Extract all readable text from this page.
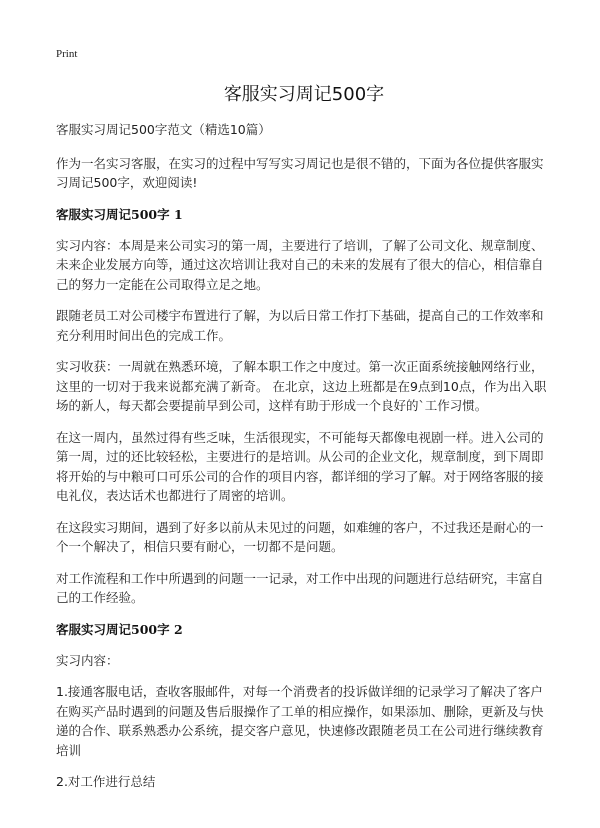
Print
客服实习周记500字

客服实习周记500字范文（精选10篇）

作为一名实习客服，在实习的过程中写写实习周记也是很不错的，下面为各位提供客服实习周记500字，欢迎阅读!

客服实习周记500字 1

实习内容：本周是来公司实习的第一周，主要进行了培训，了解了公司文化、规章制度、未来企业发展方向等，通过这次培训让我对自己的未来的发展有了很大的信心，相信靠自己的努力一定能在公司取得立足之地。

跟随老员工对公司楼宇布置进行了解，为以后日常工作打下基础，提高自己的工作效率和充分利用时间出色的完成工作。

实习收获：一周就在熟悉环境，了解本职工作之中度过。第一次正面系统接触网络行业，这里的一切对于我来说都充满了新奇。 在北京，这边上班都是在9点到10点，作为出入职场的新人，每天都会要提前早到公司，这样有助于形成一个良好的`工作习惯。

在这一周内，虽然过得有些乏味，生活很现实，不可能每天都像电视剧一样。进入公司的第一周，过的还比较轻松，主要进行的是培训。从公司的企业文化，规章制度，到下周即将开始的与中粮可口可乐公司的合作的项目内容，都详细的学习了解。对于网络客服的接电礼仪，表达话术也都进行了周密的培训。

在这段实习期间，遇到了好多以前从未见过的问题，如难缠的客户，不过我还是耐心的一个一个解决了，相信只要有耐心，一切都不是问题。

对工作流程和工作中所遇到的问题一一记录，对工作中出现的问题进行总结研究，丰富自己的工作经验。

客服实习周记500字 2

实习内容：

1.接通客服电话，查收客服邮件，对每一个消费者的投诉做详细的记录学习了解决了客户在购买产品时遇到的问题及售后服操作了工单的相应操作，如果添加、删除，更新及与快递的合作、联系熟悉办公系统，提交客户意见，快速修改跟随老员工在公司进行继续教育培训

2.对工作进行总结
